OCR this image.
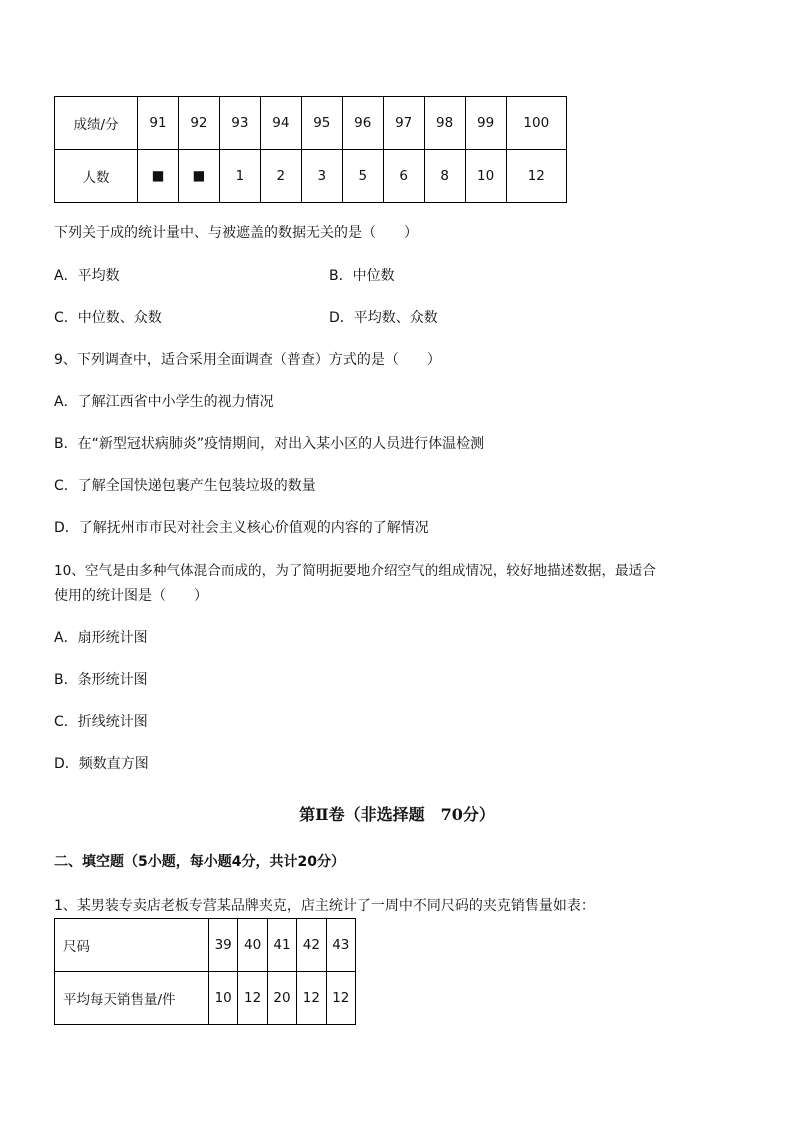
成绩/分	91	92	93	94	95	96	97	98	99	100
人数	■	■	1	2	3	5	6	8	10	12
下列关于成的统计量中、与被遮盖的数据无关的是（　　）
A．平均数	B．中位数
C．中位数、众数	D．平均数、众数
9、下列调查中，适合采用全面调查（普查）方式的是（　　）
A．了解江西省中小学生的视力情况
B．在“新型冠状病肺炎”疫情期间，对出入某小区的人员进行体温检测
C．了解全国快递包裹产生包装垃圾的数量
D．了解抚州市市民对社会主义核心价值观的内容的了解情况
10、空气是由多种气体混合而成的，为了简明扼要地介绍空气的组成情况，较好地描述数据，最适合
使用的统计图是（　　）
A．扇形统计图
B．条形统计图
C．折线统计图
D．频数直方图
第Ⅱ卷（非选择题　70分）
二、填空题（5小题，每小题4分，共计20分）
1、某男装专卖店老板专营某品牌夹克，店主统计了一周中不同尺码的夹克销售量如表：
尺码	39	40	41	42	43
平均每天销售量/件	10	12	20	12	12
